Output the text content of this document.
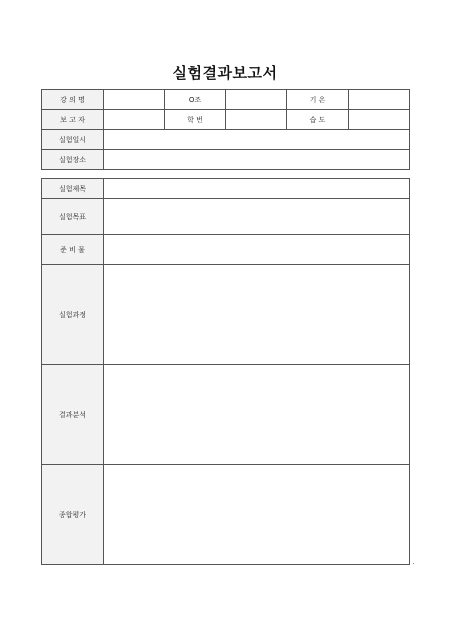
실험결과보고서
강 의 명		O조		기 온	
보 고 자		학 번		습 도	
실험일시					
실험장소					
실험제목	
실험목표	
준 비 물	
실험과정	
결과분석	
종합평가	
